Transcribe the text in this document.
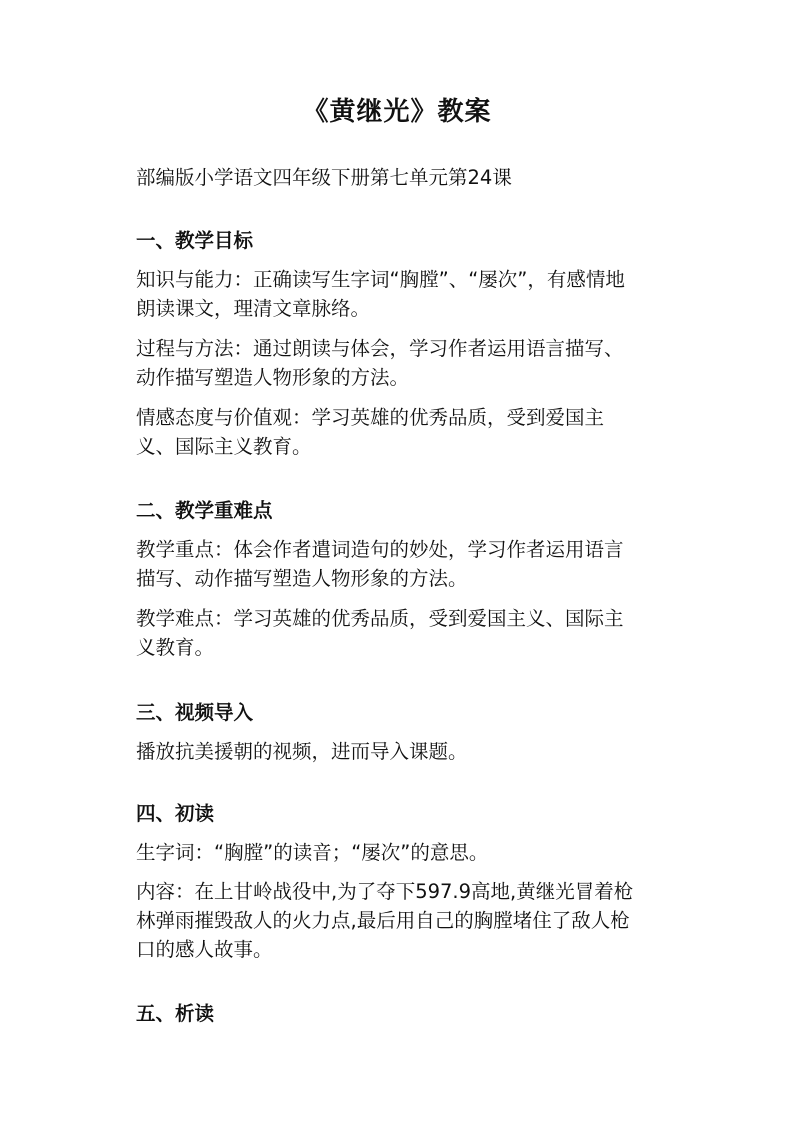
《黄继光》教案
部编版小学语文四年级下册第七单元第24课
一、教学目标
知识与能力：正确读写生字词“胸膛”、“屡次”，有感情地
朗读课文，理清文章脉络。
过程与方法：通过朗读与体会，学习作者运用语言描写、
动作描写塑造人物形象的方法。
情感态度与价值观：学习英雄的优秀品质，受到爱国主
义、国际主义教育。
二、教学重难点
教学重点：体会作者遣词造句的妙处，学习作者运用语言
描写、动作描写塑造人物形象的方法。
教学难点：学习英雄的优秀品质，受到爱国主义、国际主
义教育。
三、视频导入
播放抗美援朝的视频，进而导入课题。
四、初读
生字词：“胸膛”的读音；“屡次”的意思。
内容：在上甘岭战役中,为了夺下597.9高地,黄继光冒着枪
林弹雨摧毁敌人的火力点,最后用自己的胸膛堵住了敌人枪
口的感人故事。
五、析读
